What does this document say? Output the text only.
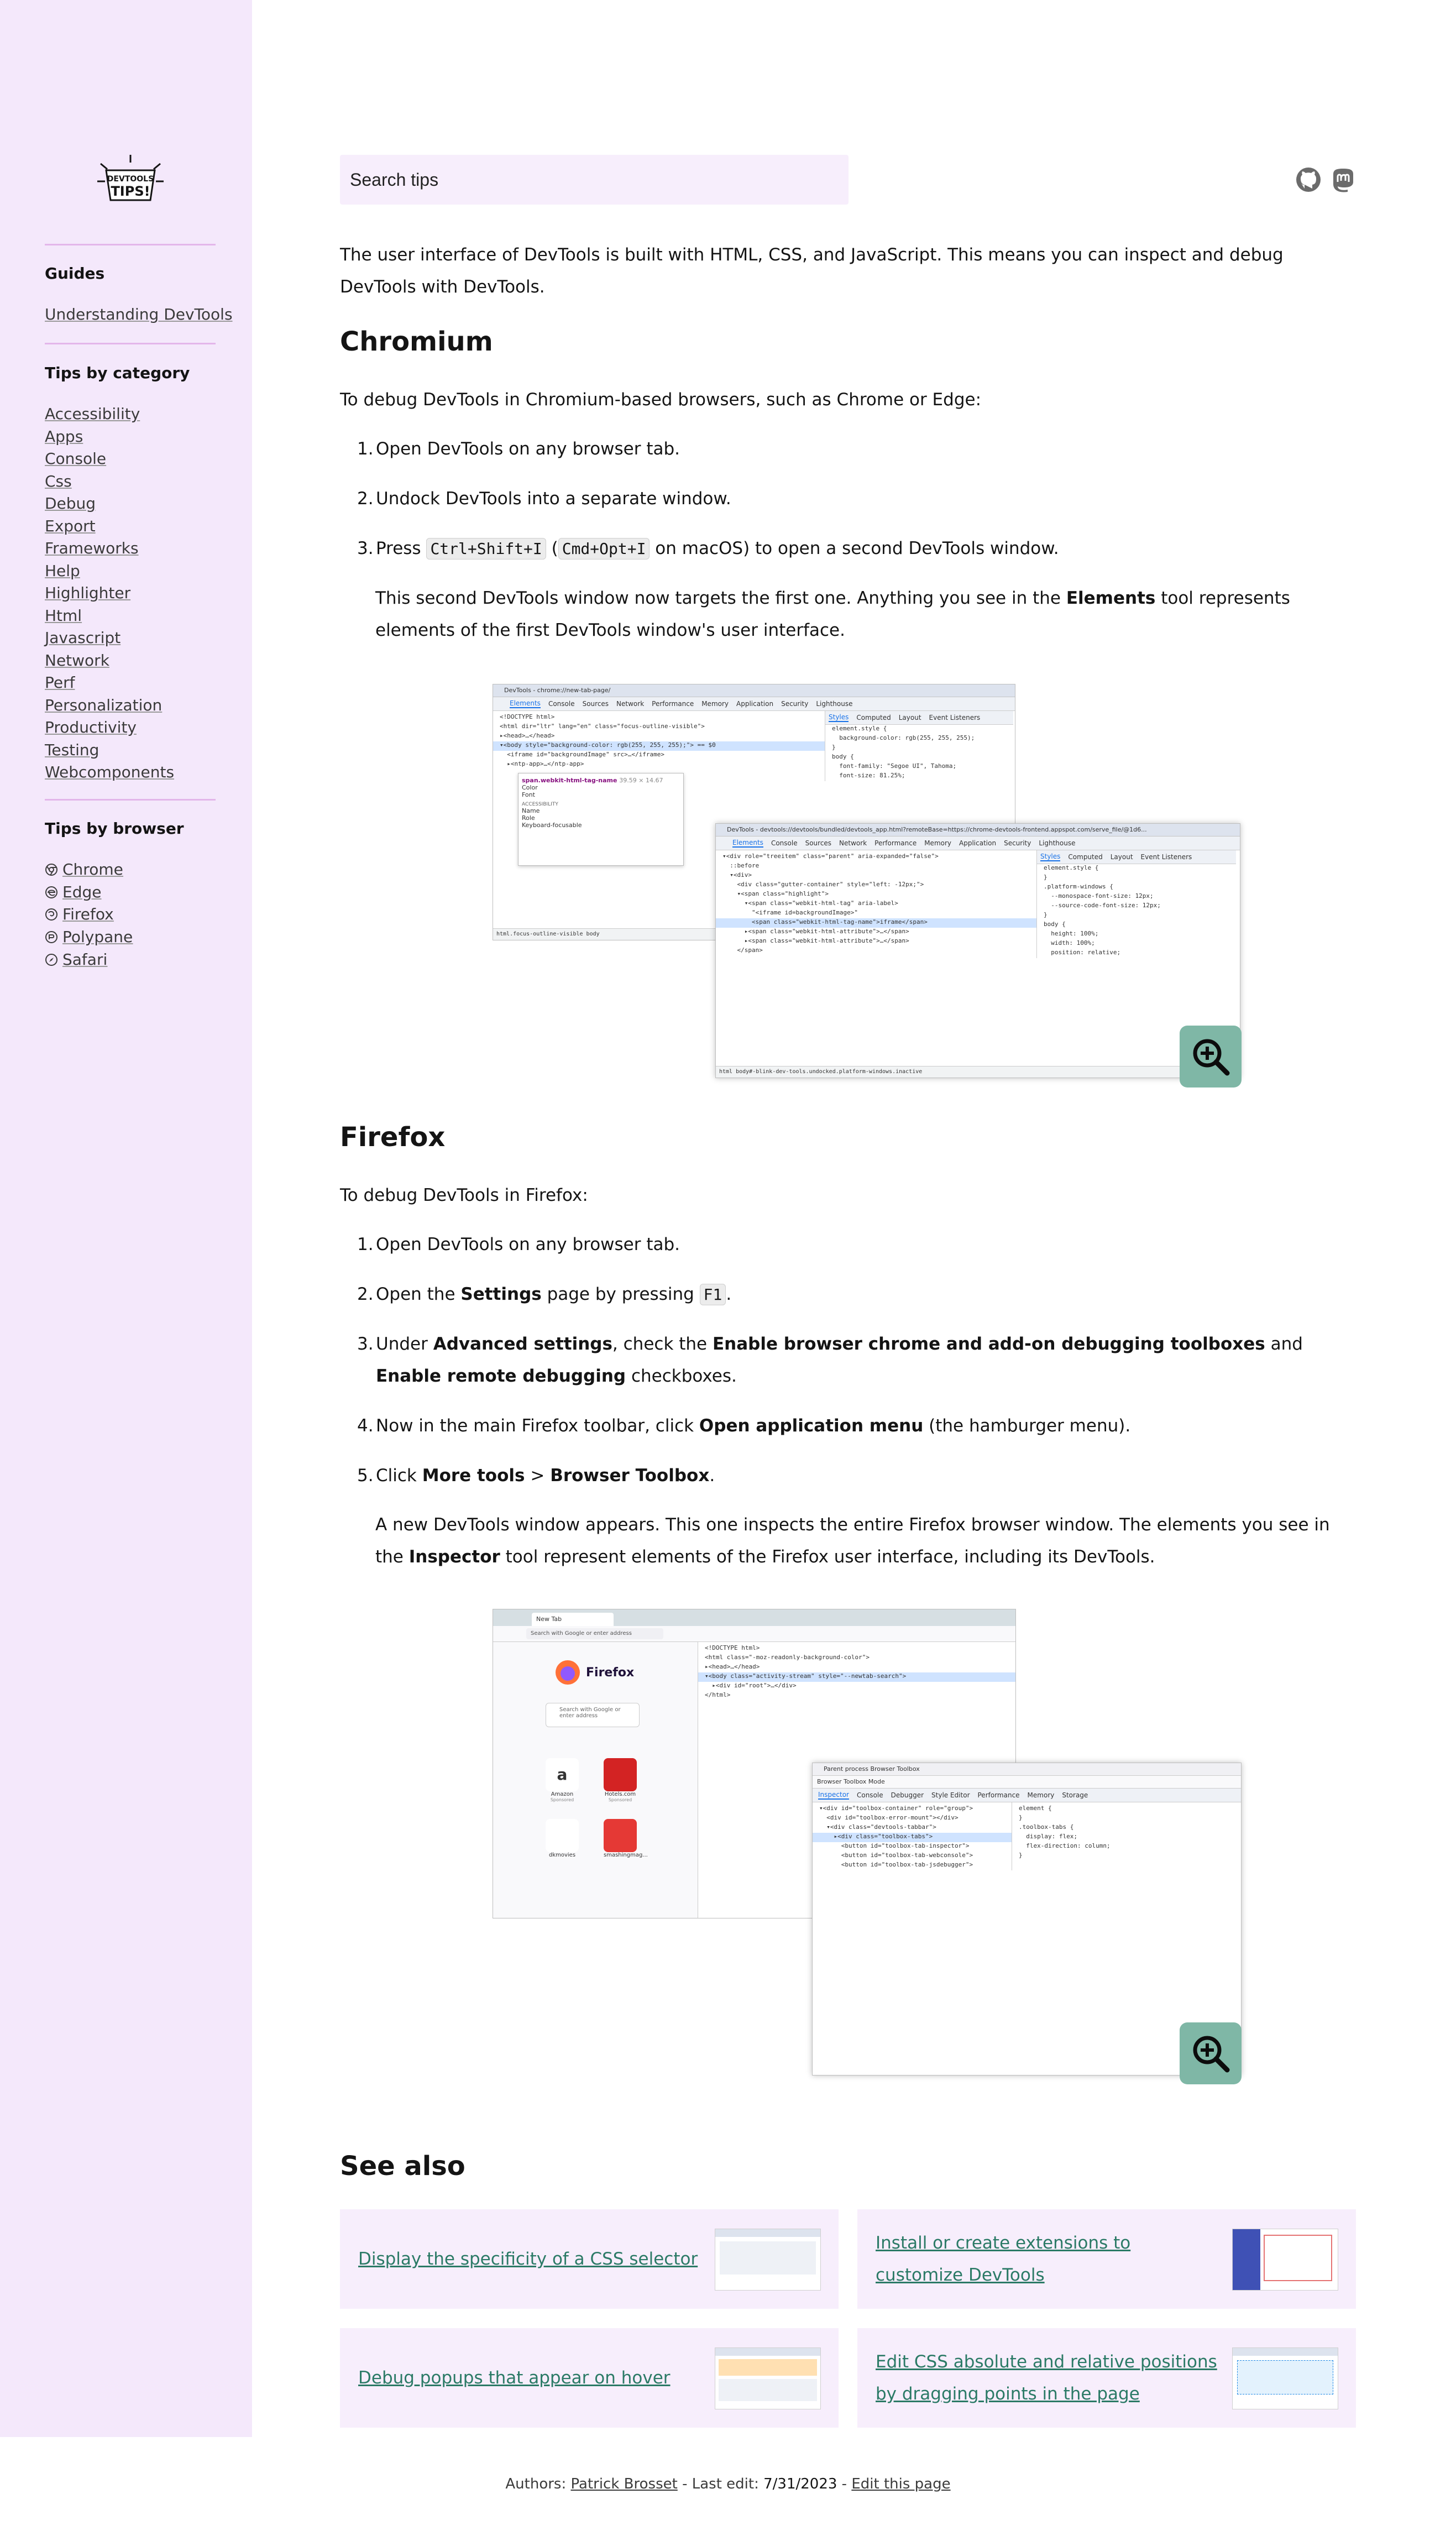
DEVTOOLS
TIPS!
Guides
Understanding DevTools
Tips by category
Accessibility
Apps
Console
Css
Debug
Export
Frameworks
Help
Highlighter
Html
Javascript
Network
Perf
Personalization
Productivity
Testing
Webcomponents
Tips by browser
Chrome
Edge
Firefox
Polypane
Safari
Search tips

The user interface of DevTools is built with HTML, CSS, and JavaScript. This means you can inspect and debug DevTools with DevTools.

Chromium

To debug DevTools in Chromium-based browsers, such as Chrome or Edge:

1. Open DevTools on any browser tab.
2. Undock DevTools into a separate window.
3. Press Ctrl+Shift+I ( Cmd+Opt+I on macOS) to open a second DevTools window.
This second DevTools window now targets the first one. Anything you see in the Elements tool represents elements of the first DevTools window's user interface.
DevTools - chrome://new-tab-page/
Elements Console Sources Network Performance Memory Application Security Lighthouse
<!DOCTYPE html>
<html dir="ltr" lang="en" class="focus-outline-visible">
▸<head>…</head>
▾<body style="background-color: rgb(255, 255, 255);"> == $0
<iframe id="backgroundImage" src>…</iframe>
▸<ntp-app>…</ntp-app>
Styles Computed Layout Event Listeners
element.style {
background-color: rgb(255, 255, 255);
}
body {
font-family: "Segoe UI", Tahoma;
font-size: 81.25%;
span.webkit-html-tag-name 39.59 × 14.67
Color
Font
ACCESSIBILITY
Name
Role
Keyboard-focusable
html.focus-outline-visible body
DevTools - devtools://devtools/bundled/devtools_app.html?remoteBase=https://chrome-devtools-frontend.appspot.com/serve_file/@1d6...
Elements Console Sources Network Performance Memory Application Security Lighthouse
▾<div role="treeitem" class="parent" aria-expanded="false">
::before
▾<div>
<div class="gutter-container" style="left: -12px;">
▾<span class="highlight">
▾<span class="webkit-html-tag" aria-label>
"<iframe id=backgroundImage>"
<span class="webkit-html-tag-name">iframe</span>
▸<span class="webkit-html-attribute">…</span>
▸<span class="webkit-html-attribute">…</span>
</span>
Styles Computed Layout Event Listeners
element.style {
}
.platform-windows {
--monospace-font-size: 12px;
--source-code-font-size: 12px;
}
body {
height: 100%;
width: 100%;
position: relative;
html body#-blink-dev-tools.undocked.platform-windows.inactive
Firefox

To debug DevTools in Firefox:

1. Open DevTools on any browser tab.
2. Open the Settings page by pressing F1 .
3. Under Advanced settings, check the Enable browser chrome and add-on debugging toolboxes and Enable remote debugging checkboxes.
4. Now in the main Firefox toolbar, click Open application menu (the hamburger menu).
5. Click More tools > Browser Toolbox.
A new DevTools window appears. This one inspects the entire Firefox browser window. The elements you see in the Inspector tool represent elements of the Firefox user interface, including its DevTools.
New Tab
Search with Google or enter address
Firefox
Search with Google or enter address
a
Amazon
Sponsored
Hotels.com
Sponsored
dkmovies	smashingmag...
<!DOCTYPE html>
<html class="-moz-readonly-background-color">
▸<head>…</head>
▾<body class="activity-stream" style="--newtab-search">
▸<div id="root">…</div>
</html>
Parent process Browser Toolbox
Browser Toolbox Mode
Inspector Console Debugger Style Editor Performance Memory Storage
▾<div id="toolbox-container" role="group">
<div id="toolbox-error-mount"></div>
▾<div class="devtools-tabbar">
▸<div class="toolbox-tabs">
<button id="toolbox-tab-inspector">
<button id="toolbox-tab-webconsole">
<button id="toolbox-tab-jsdebugger">
element {
}
.toolbox-tabs {
display: flex;
flex-direction: column;
}
See also
Display the specificity of a CSS selector
Install or create extensions to customize DevTools
Debug popups that appear on hover
Edit CSS absolute and relative positions by dragging points in the page
Authors: Patrick Brosset - Last edit: 7/31/2023 - Edit this page
